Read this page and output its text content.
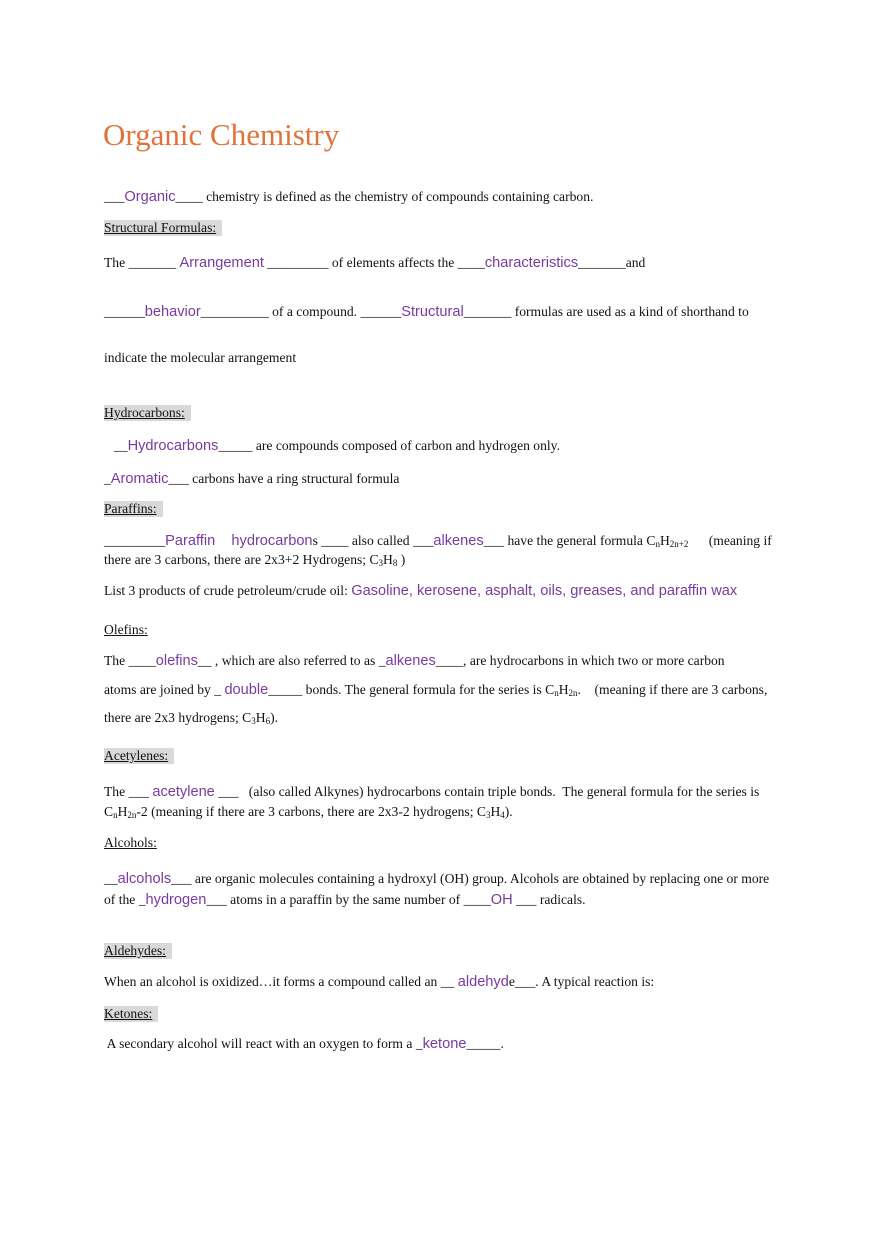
Organic Chemistry
___Organic____ chemistry is defined as the chemistry of compounds containing carbon.
Structural Formulas:
The _______ Arrangement _________ of elements affects the ____characteristics_______and
______behavior__________ of a compound. ______Structural_______ formulas are used as a kind of shorthand to
indicate the molecular arrangement
Hydrocarbons:
__Hydrocarbons_____ are compounds composed of carbon and hydrogen only.
_Aromatic___ carbons have a ring structural formula
Paraffins:
_________Paraffin    hydrocarbons ____ also called ___alkenes___ have the general formula $C_nH_{2n+2}$      (meaning if
there are 3 carbons, there are 2x3+2 Hydrogens; $C_3H_8$ )
List 3 products of crude petroleum/crude oil: Gasoline, kerosene, asphalt, oils, greases, and paraffin wax
Olefins:
The ____olefins__ , which are also referred to as _alkenes____, are hydrocarbons in which two or more carbon
atoms are joined by _ double_____ bonds. The general formula for the series is $C_nH_{2n}$.    (meaning if there are 3 carbons,
there are 2x3 hydrogens; $C_3H_6$).
Acetylenes:
The ___ acetylene ___   (also called Alkynes) hydrocarbons contain triple bonds.  The general formula for the series is
$C_nH_{2n}-2$ (meaning if there are 3 carbons, there are 2x3-2 hydrogens; $C_3H_4$).
Alcohols:
__alcohols___ are organic molecules containing a hydroxyl (OH) group. Alcohols are obtained by replacing one or more
of the _hydrogen___ atoms in a paraffin by the same number of ____OH ___ radicals.
Aldehydes:
When an alcohol is oxidized…it forms a compound called an __ aldehyde___. A typical reaction is:
Ketones:
A secondary alcohol will react with an oxygen to form a _ketone_____.
